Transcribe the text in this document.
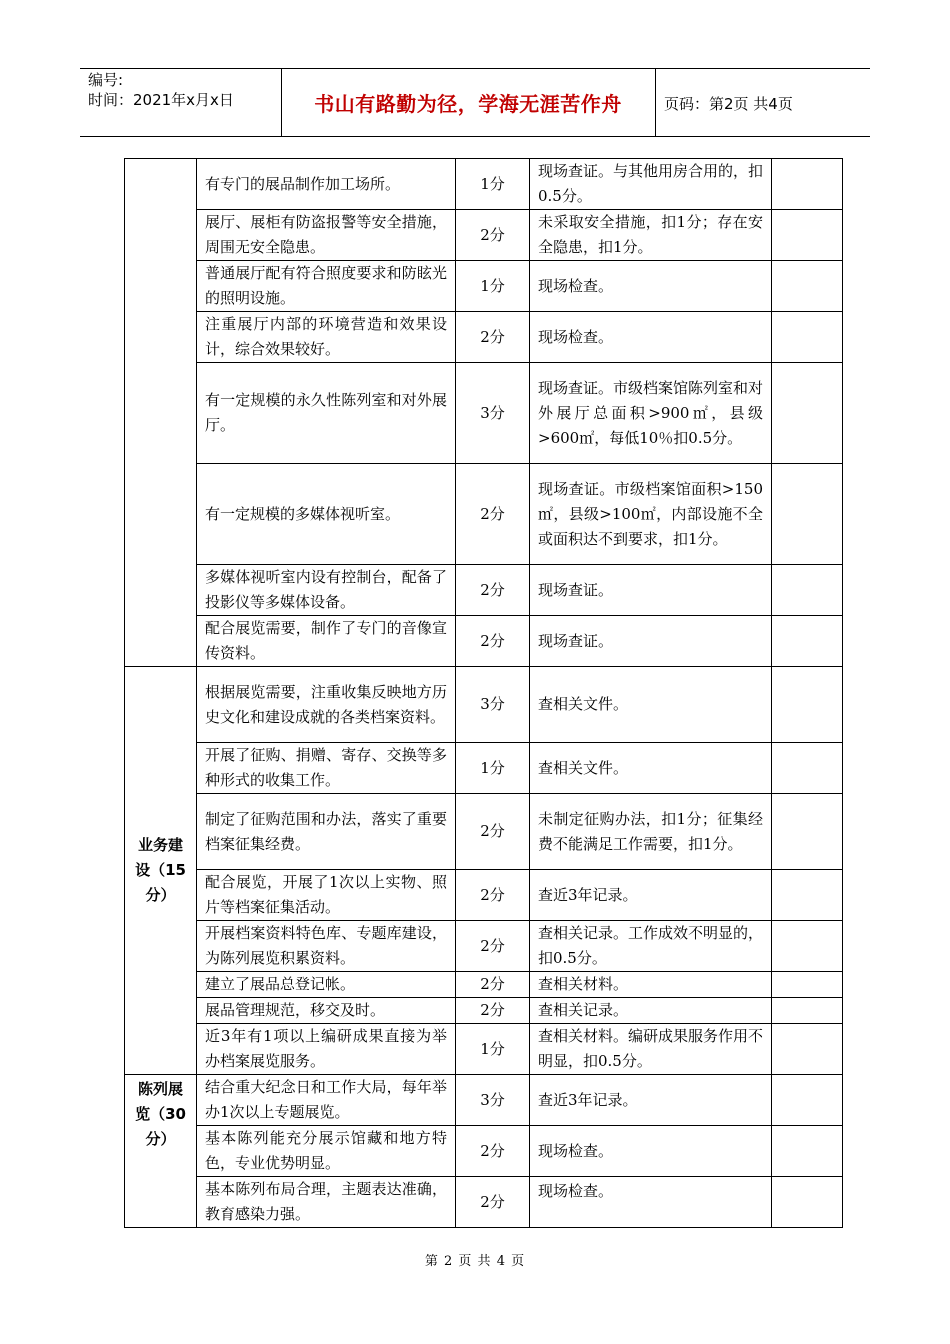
编号:
时间：2021年x月x日	书山有路勤为径，学海无涯苦作舟	页码：第2页 共4页
	有专门的展品制作加工场所。	1分	现场查证。与其他用房合用的，扣0.5分。	
	展厅、展柜有防盗报警等安全措施，周围无安全隐患。	2分	未采取安全措施，扣1分；存在安全隐患，扣1分。	
	普通展厅配有符合照度要求和防眩光的照明设施。	1分	现场检查。	
	注重展厅内部的环境营造和效果设计，综合效果较好。	2分	现场检查。	
	有一定规模的永久性陈列室和对外展厅。	3分	现场查证。市级档案馆陈列室和对外展厅总面积>900㎡，县级>600㎡，每低10％扣0.5分。	
	有一定规模的多媒体视听室。	2分	现场查证。市级档案馆面积>150㎡，县级>100㎡，内部设施不全或面积达不到要求，扣1分。	
	多媒体视听室内设有控制台，配备了投影仪等多媒体设备。	2分	现场查证。	
	配合展览需要，制作了专门的音像宣传资料。	2分	现场查证。	
业务建设（15分）	根据展览需要，注重收集反映地方历史文化和建设成就的各类档案资料。	3分	查相关文件。	
	开展了征购、捐赠、寄存、交换等多种形式的收集工作。	1分	查相关文件。	
	制定了征购范围和办法，落实了重要档案征集经费。	2分	未制定征购办法，扣1分；征集经费不能满足工作需要，扣1分。	
	配合展览，开展了1次以上实物、照片等档案征集活动。	2分	查近3年记录。	
	开展档案资料特色库、专题库建设，为陈列展览积累资料。	2分	查相关记录。工作成效不明显的，扣0.5分。	
	建立了展品总登记帐。	2分	查相关材料。	
	展品管理规范，移交及时。	2分	查相关记录。	
	近3年有1项以上编研成果直接为举办档案展览服务。	1分	查相关材料。编研成果服务作用不明显，扣0.5分。	
陈列展览（30分）	结合重大纪念日和工作大局，每年举办1次以上专题展览。	3分	查近3年记录。	
	基本陈列能充分展示馆藏和地方特色，专业优势明显。	2分	现场检查。	
	基本陈列布局合理，主题表达准确，教育感染力强。	2分	现场检查。	
第 2 页 共 4 页
